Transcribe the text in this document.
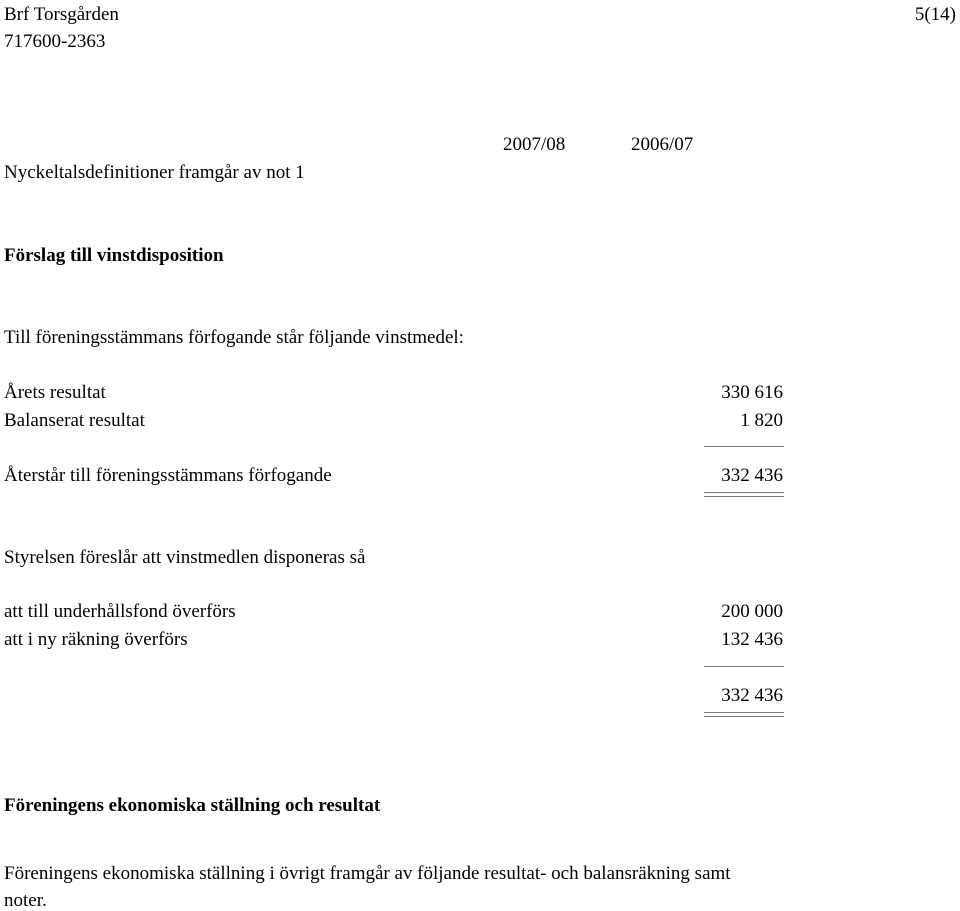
Brf Torsgården	5(14)
717600-2363
2007/08	2006/07
Nyckeltalsdefinitioner framgår av not 1
Förslag till vinstdisposition
Till föreningsstämmans förfogande står följande vinstmedel:
Årets resultat	330 616
Balanserat resultat	1 820
Återstår till föreningsstämmans förfogande	332 436
Styrelsen föreslår att vinstmedlen disponeras så
att till underhållsfond överförs	200 000
att i ny räkning överförs	132 436
332 436
Föreningens ekonomiska ställning och resultat
Föreningens ekonomiska ställning i övrigt framgår av följande resultat- och balansräkning samt
noter.
